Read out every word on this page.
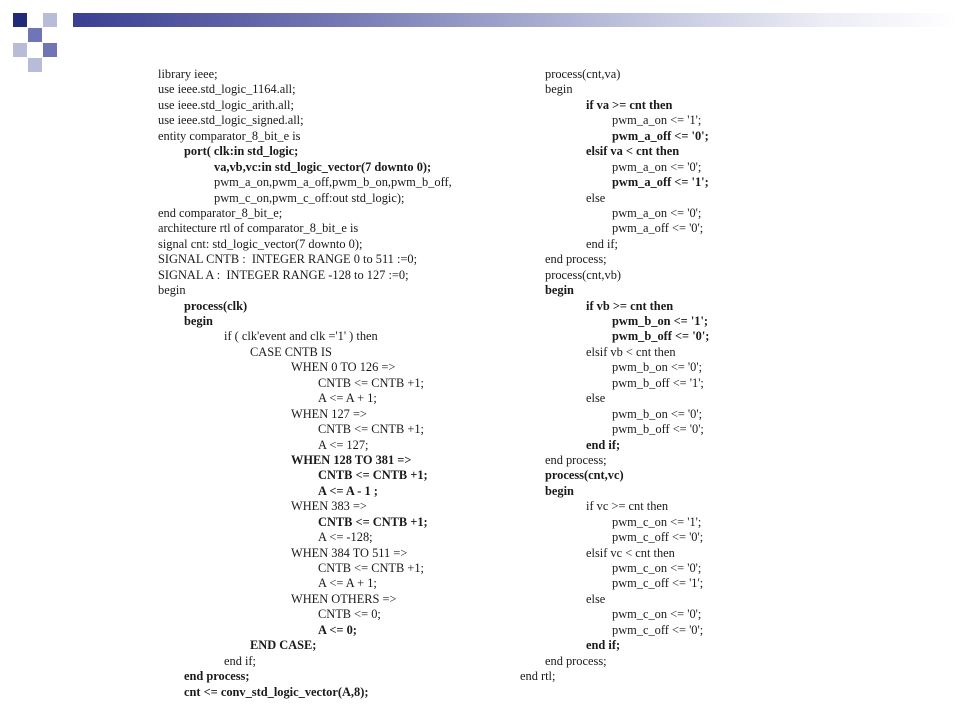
library ieee;
use ieee.std_logic_1164.all;
use ieee.std_logic_arith.all;
use ieee.std_logic_signed.all;
entity comparator_8_bit_e is
port( clk:in std_logic;
va,vb,vc:in std_logic_vector(7 downto 0);
pwm_a_on,pwm_a_off,pwm_b_on,pwm_b_off,
pwm_c_on,pwm_c_off:out std_logic);
end comparator_8_bit_e;
architecture rtl of comparator_8_bit_e is
signal cnt: std_logic_vector(7 downto 0);
SIGNAL CNTB :  INTEGER RANGE 0 to 511 :=0;
SIGNAL A :  INTEGER RANGE -128 to 127 :=0;
begin
process(clk)
begin
if ( clk'event and clk ='1' ) then
CASE CNTB IS
WHEN 0 TO 126 =>
CNTB <= CNTB +1;
A <= A + 1;
WHEN 127 =>
CNTB <= CNTB +1;
A <= 127;
WHEN 128 TO 381 =>
CNTB <= CNTB +1;
A <= A - 1 ;
WHEN 383 =>
CNTB <= CNTB +1;
A <= -128;
WHEN 384 TO 511 =>
CNTB <= CNTB +1;
A <= A + 1;
WHEN OTHERS =>
CNTB <= 0;
A <= 0;
END CASE;
end if;
end process;
cnt <= conv_std_logic_vector(A,8);
process(cnt,va)
begin
if va >= cnt then
pwm_a_on <= '1';
pwm_a_off <= '0';
elsif va < cnt then
pwm_a_on <= '0';
pwm_a_off <= '1';
else
pwm_a_on <= '0';
pwm_a_off <= '0';
end if;
end process;
process(cnt,vb)
begin
if vb >= cnt then
pwm_b_on <= '1';
pwm_b_off <= '0';
elsif vb < cnt then
pwm_b_on <= '0';
pwm_b_off <= '1';
else
pwm_b_on <= '0';
pwm_b_off <= '0';
end if;
end process;
process(cnt,vc)
begin
if vc >= cnt then
pwm_c_on <= '1';
pwm_c_off <= '0';
elsif vc < cnt then
pwm_c_on <= '0';
pwm_c_off <= '1';
else
pwm_c_on <= '0';
pwm_c_off <= '0';
end if;
end process;
end rtl;
